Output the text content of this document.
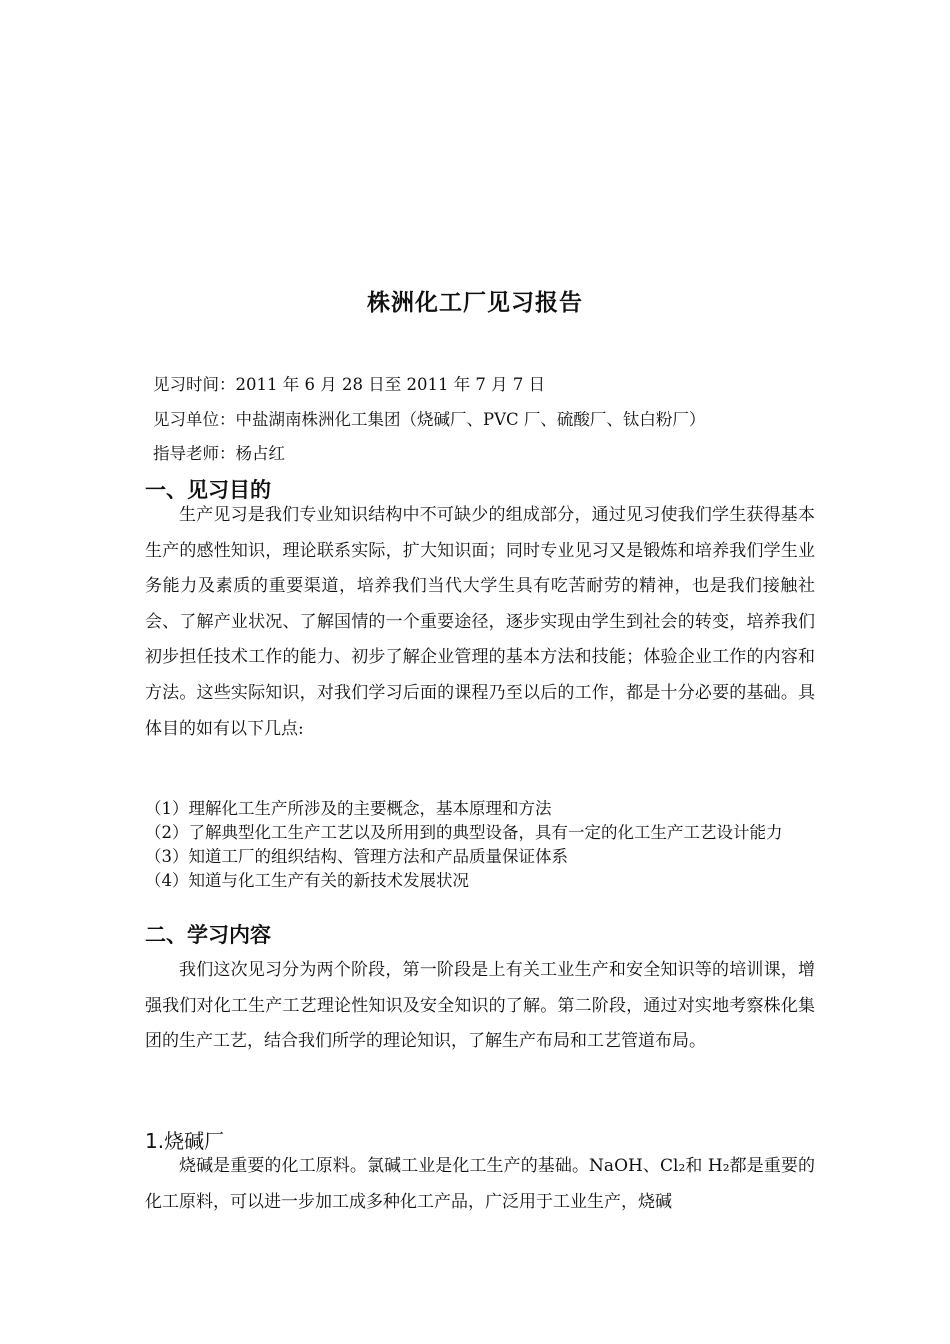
株洲化工厂见习报告
见习时间：2011 年 6 月 28 日至 2011 年 7 月 7 日
见习单位：中盐湖南株洲化工集团（烧碱厂、PVC 厂、硫酸厂、钛白粉厂）
指导老师：杨占红
一、见习目的

生产见习是我们专业知识结构中不可缺少的组成部分，通过见习使我们学生获得基本生产的感性知识，理论联系实际，扩大知识面；同时专业见习又是锻炼和培养我们学生业务能力及素质的重要渠道，培养我们当代大学生具有吃苦耐劳的精神，也是我们接触社会、了解产业状况、了解国情的一个重要途径，逐步实现由学生到社会的转变，培养我们初步担任技术工作的能力、初步了解企业管理的基本方法和技能；体验企业工作的内容和方法。这些实际知识，对我们学习后面的课程乃至以后的工作，都是十分必要的基础。具体目的如有以下几点:

（1）理解化工生产所涉及的主要概念，基本原理和方法
（2）了解典型化工生产工艺以及所用到的典型设备，具有一定的化工生产工艺设计能力
（3）知道工厂的组织结构、管理方法和产品质量保证体系
（4）知道与化工生产有关的新技术发展状况
二、学习内容

我们这次见习分为两个阶段，第一阶段是上有关工业生产和安全知识等的培训课，增强我们对化工生产工艺理论性知识及安全知识的了解。第二阶段，通过对实地考察株化集团的生产工艺，结合我们所学的理论知识，了解生产布局和工艺管道布局。

1.烧碱厂

烧碱是重要的化工原料。氯碱工业是化工生产的基础。NaOH、Cl₂和 H₂都是重要的化工原料，可以进一步加工成多种化工产品，广泛用于工业生产，烧碱
